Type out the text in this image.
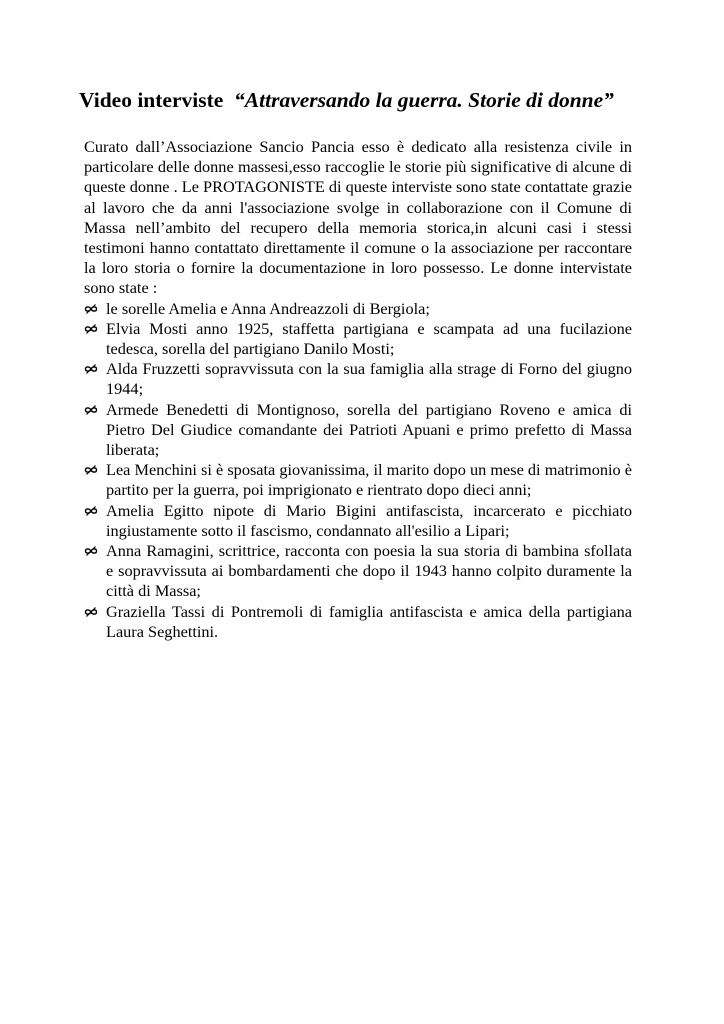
Video interviste “Attraversando la guerra. Storie di donne”

Curato dall’Associazione Sancio Pancia esso è dedicato alla resistenza civile in particolare delle donne massesi,esso raccoglie le storie più significative di alcune di queste donne . Le PROTAGONISTE di queste interviste sono state contattate grazie al lavoro che da anni l'associazione svolge in collaborazione con il Comune di Massa nell’ambito del recupero della memoria storica,in alcuni casi i stessi testimoni hanno contattato direttamente il comune o la associazione per raccontare la loro storia o fornire la documentazione in loro possesso. Le donne intervistate sono state :

le sorelle Amelia e Anna Andreazzoli di Bergiola;
Elvia Mosti anno 1925, staffetta partigiana e scampata ad una fucilazione tedesca, sorella del partigiano Danilo Mosti;
Alda Fruzzetti sopravvissuta con la sua famiglia alla strage di Forno del giugno 1944;
Armede Benedetti di Montignoso, sorella del partigiano Roveno e amica di Pietro Del Giudice comandante dei Patrioti Apuani e primo prefetto di Massa liberata;
Lea Menchini si è sposata giovanissima, il marito dopo un mese di matrimonio è partito per la guerra, poi imprigionato e rientrato dopo dieci anni;
Amelia Egitto nipote di Mario Bigini antifascista, incarcerato e picchiato ingiustamente sotto il fascismo, condannato all'esilio a Lipari;
Anna Ramagini, scrittrice, racconta con poesia la sua storia di bambina sfollata e sopravvissuta ai bombardamenti che dopo il 1943 hanno colpito duramente la città di Massa;
Graziella Tassi di Pontremoli di famiglia antifascista e amica della partigiana Laura Seghettini.
